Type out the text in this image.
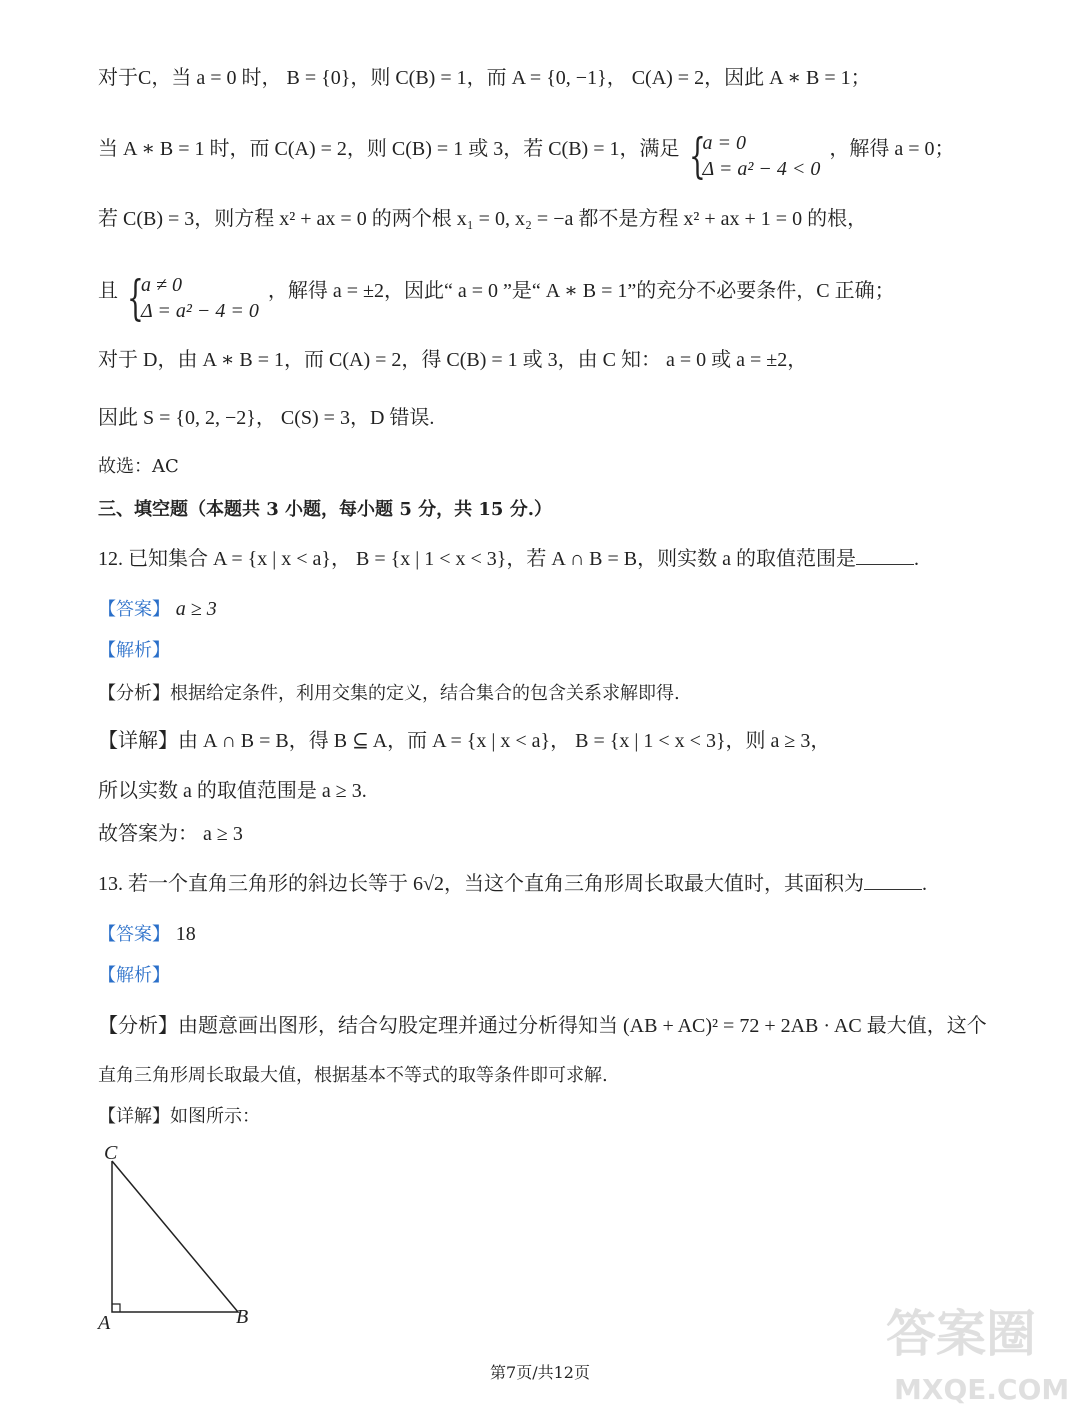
对于C，当 a = 0 时， B = {0}，则 C(B) = 1，而 A = {0, −1}， C(A) = 2，因此 A ∗ B = 1；
当 A ∗ B = 1 时，而 C(A) = 2，则 C(B) = 1 或 3，若 C(B) = 1，满足 {
a = 0
Δ = a² − 4 < 0
，解得 a = 0；
若 C(B) = 3，则方程 x² + ax = 0 的两个根 x₁ = 0, x₂ = −a 都不是方程 x² + ax + 1 = 0 的根，
且 {
a ≠ 0
Δ = a² − 4 = 0
，解得 a = ±2，因此“ a = 0 ”是“ A ∗ B = 1”的充分不必要条件，C 正确；
对于 D，由 A ∗ B = 1，而 C(A) = 2，得 C(B) = 1 或 3，由 C 知： a = 0 或 a = ±2，
因此 S = {0, 2, −2}， C(S) = 3，D 错误.
故选：AC
三、填空题（本题共 3 小题，每小题 5 分，共 15 分.）
12. 已知集合 A = {x | x < a}， B = {x | 1 < x < 3}，若 A ∩ B = B，则实数 a 的取值范围是	.
【答案】 a ≥ 3
【解析】
【分析】根据给定条件，利用交集的定义，结合集合的包含关系求解即得.
【详解】由 A ∩ B = B，得 B ⊆ A，而 A = {x | x < a}， B = {x | 1 < x < 3}，则 a ≥ 3，
所以实数 a 的取值范围是 a ≥ 3.
故答案为： a ≥ 3
13. 若一个直角三角形的斜边长等于 6√2，当这个直角三角形周长取最大值时，其面积为	.
【答案】 18
【解析】
【分析】由题意画出图形，结合勾股定理并通过分析得知当 (AB + AC)² = 72 + 2AB · AC 最大值，这个
直角三角形周长取最大值，根据基本不等式的取等条件即可求解.
【详解】如图所示：
C
A	B
第7页/共12页
答案圈
MXQE.COM
